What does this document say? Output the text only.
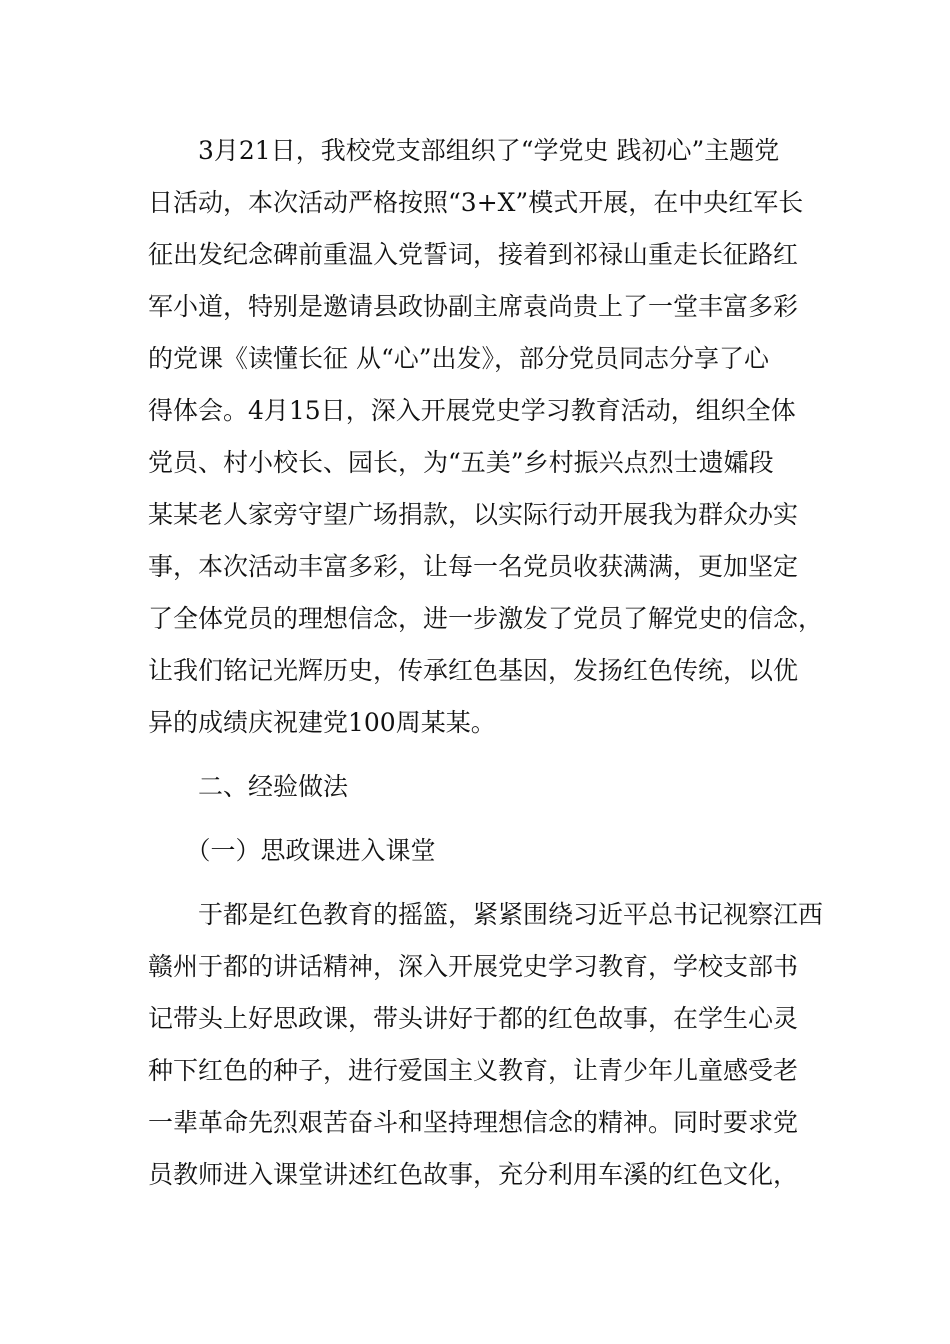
　　3月21日，我校党支部组织了“学党史 践初心”主题党
日活动，本次活动严格按照“3+X”模式开展，在中央红军长
征出发纪念碑前重温入党誓词，接着到祁禄山重走长征路红
军小道，特别是邀请县政协副主席袁尚贵上了一堂丰富多彩
的党课《读懂长征 从“心”出发》，部分党员同志分享了心
得体会。4月15日，深入开展党史学习教育活动，组织全体
党员、村小校长、园长，为“五美”乡村振兴点烈士遗孀段
某某老人家旁守望广场捐款，以实际行动开展我为群众办实
事，本次活动丰富多彩，让每一名党员收获满满，更加坚定
了全体党员的理想信念，进一步激发了党员了解党史的信念，
让我们铭记光辉历史，传承红色基因，发扬红色传统，以优
异的成绩庆祝建党100周某某。
　　二、经验做法
　　（一）思政课进入课堂
　　于都是红色教育的摇篮，紧紧围绕习近平总书记视察江西
赣州于都的讲话精神，深入开展党史学习教育，学校支部书
记带头上好思政课，带头讲好于都的红色故事，在学生心灵
种下红色的种子，进行爱国主义教育，让青少年儿童感受老
一辈革命先烈艰苦奋斗和坚持理想信念的精神。同时要求党
员教师进入课堂讲述红色故事，充分利用车溪的红色文化，
